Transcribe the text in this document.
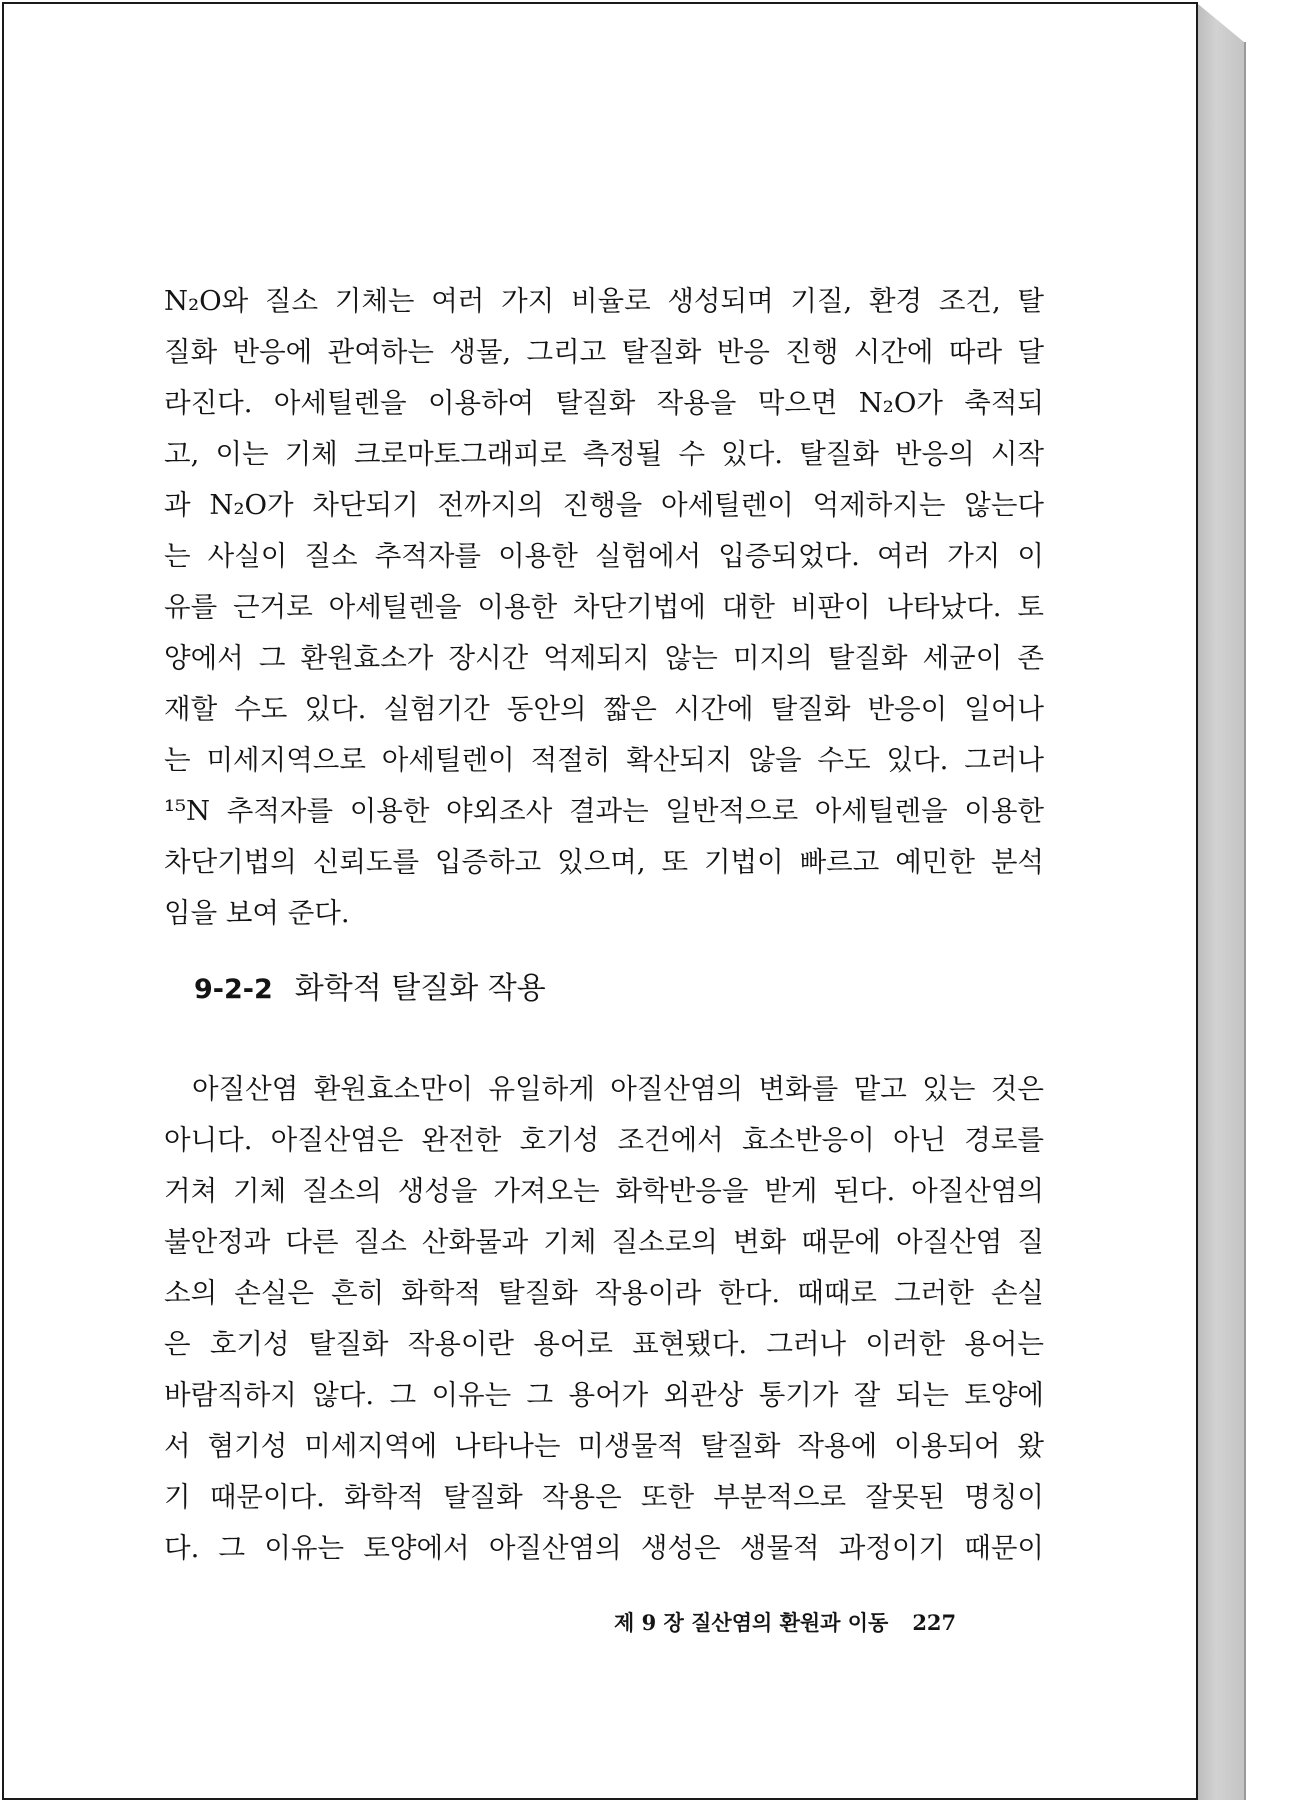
N₂O와 질소 기체는 여러 가지 비율로 생성되며 기질, 환경 조건, 탈
질화 반응에 관여하는 생물, 그리고 탈질화 반응 진행 시간에 따라 달
라진다. 아세틸렌을 이용하여 탈질화 작용을 막으면 N₂O가 축적되
고, 이는 기체 크로마토그래피로 측정될 수 있다. 탈질화 반응의 시작
과 N₂O가 차단되기 전까지의 진행을 아세틸렌이 억제하지는 않는다
는 사실이 질소 추적자를 이용한 실험에서 입증되었다. 여러 가지 이
유를 근거로 아세틸렌을 이용한 차단기법에 대한 비판이 나타났다. 토
양에서 그 환원효소가 장시간 억제되지 않는 미지의 탈질화 세균이 존
재할 수도 있다. 실험기간 동안의 짧은 시간에 탈질화 반응이 일어나
는 미세지역으로 아세틸렌이 적절히 확산되지 않을 수도 있다. 그러나
¹⁵N 추적자를 이용한 야외조사 결과는 일반적으로 아세틸렌을 이용한
차단기법의 신뢰도를 입증하고 있으며, 또 기법이 빠르고 예민한 분석
임을 보여 준다.
9-2-2 화학적 탈질화 작용
아질산염 환원효소만이 유일하게 아질산염의 변화를 맡고 있는 것은
아니다. 아질산염은 완전한 호기성 조건에서 효소반응이 아닌 경로를
거쳐 기체 질소의 생성을 가져오는 화학반응을 받게 된다. 아질산염의
불안정과 다른 질소 산화물과 기체 질소로의 변화 때문에 아질산염 질
소의 손실은 흔히 화학적 탈질화 작용이라 한다. 때때로 그러한 손실
은 호기성 탈질화 작용이란 용어로 표현됐다. 그러나 이러한 용어는
바람직하지 않다. 그 이유는 그 용어가 외관상 통기가 잘 되는 토양에
서 혐기성 미세지역에 나타나는 미생물적 탈질화 작용에 이용되어 왔
기 때문이다. 화학적 탈질화 작용은 또한 부분적으로 잘못된 명칭이
다. 그 이유는 토양에서 아질산염의 생성은 생물적 과정이기 때문이
제 9 장 질산염의 환원과 이동 227
